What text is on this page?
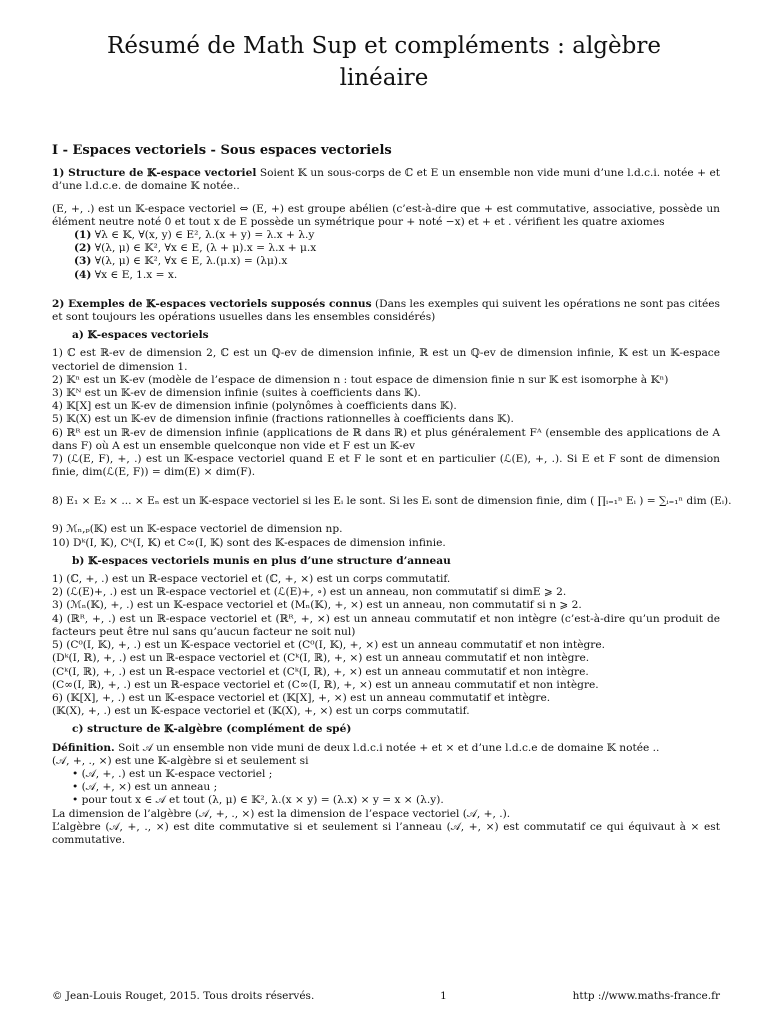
Résumé de Math Sup et compléments : algèbre
linéaire
I - Espaces vectoriels - Sous espaces vectoriels

1) Structure de 𝕂-espace vectoriel Soient 𝕂 un sous-corps de ℂ et E un ensemble non vide muni d’une l.d.c.i. notée + et d’une l.d.c.e. de domaine 𝕂 notée..

(E, +, .) est un 𝕂-espace vectoriel ⇔ (E, +) est groupe abélien (c’est-à-dire que + est commutative, associative, possède un élément neutre noté 0 et tout x de E possède un symétrique pour + noté −x) et + et . vérifient les quatre axiomes

(1) ∀λ ∈ 𝕂, ∀(x, y) ∈ E², λ.(x + y) = λ.x + λ.y
(2) ∀(λ, μ) ∈ 𝕂², ∀x ∈ E, (λ + μ).x = λ.x + μ.x
(3) ∀(λ, μ) ∈ 𝕂², ∀x ∈ E, λ.(μ.x) = (λμ).x
(4) ∀x ∈ E, 1.x = x.

2) Exemples de 𝕂-espaces vectoriels supposés connus (Dans les exemples qui suivent les opérations ne sont pas citées et sont toujours les opérations usuelles dans les ensembles considérés)

a) 𝕂-espaces vectoriels

1) ℂ est ℝ-ev de dimension 2, ℂ est un ℚ-ev de dimension infinie, ℝ est un ℚ-ev de dimension infinie, 𝕂 est un 𝕂-espace vectoriel de dimension 1.

2) 𝕂ⁿ est un 𝕂-ev (modèle de l’espace de dimension n : tout espace de dimension finie n sur 𝕂 est isomorphe à 𝕂ⁿ)

3) 𝕂ᴺ est un 𝕂-ev de dimension infinie (suites à coefficients dans 𝕂).

4) 𝕂[X] est un 𝕂-ev de dimension infinie (polynômes à coefficients dans 𝕂).

5) 𝕂(X) est un 𝕂-ev de dimension infinie (fractions rationnelles à coefficients dans 𝕂).

6) ℝᴿ est un ℝ-ev de dimension infinie (applications de ℝ dans ℝ) et plus généralement Fᴬ (ensemble des applications de A dans F) où A est un ensemble quelconque non vide et F est un 𝕂-ev

7) (ℒ(E, F), +, .) est un 𝕂-espace vectoriel quand E et F le sont et en particulier (ℒ(E), +, .). Si E et F sont de dimension finie, dim(ℒ(E, F)) = dim(E) × dim(F).

8) E₁ × E₂ × ... × Eₙ est un 𝕂-espace vectoriel si les Eᵢ le sont. Si les Eᵢ sont de dimension finie, dim ( ∏ᵢ₌₁ⁿ Eᵢ ) = ∑ᵢ₌₁ⁿ dim (Eᵢ).

9) ℳₙ,ₚ(𝕂) est un 𝕂-espace vectoriel de dimension np.

10) Dᵏ(I, 𝕂), Cᵏ(I, 𝕂) et C∞(I, 𝕂) sont des 𝕂-espaces de dimension infinie.

b) 𝕂-espaces vectoriels munis en plus d’une structure d’anneau

1) (ℂ, +, .) est un ℝ-espace vectoriel et (ℂ, +, ×) est un corps commutatif.

2) (ℒ(E)+, .) est un ℝ-espace vectoriel et (ℒ(E)+, ∘) est un anneau, non commutatif si dimE ⩾ 2.

3) (ℳₙ(𝕂), +, .) est un 𝕂-espace vectoriel et (Mₙ(𝕂), +, ×) est un anneau, non commutatif si n ⩾ 2.

4) (ℝᴿ, +, .) est un ℝ-espace vectoriel et (ℝᴿ, +, ×) est un anneau commutatif et non intègre (c’est-à-dire qu’un produit de facteurs peut être nul sans qu’aucun facteur ne soit nul)

5) (C⁰(I, 𝕂), +, .) est un 𝕂-espace vectoriel et (C⁰(I, 𝕂), +, ×) est un anneau commutatif et non intègre.

(Dᵏ(I, ℝ), +, .) est un ℝ-espace vectoriel et (Cᵏ(I, ℝ), +, ×) est un anneau commutatif et non intègre.

(Cᵏ(I, ℝ), +, .) est un ℝ-espace vectoriel et (Cᵏ(I, ℝ), +, ×) est un anneau commutatif et non intègre.

(C∞(I, ℝ), +, .) est un ℝ-espace vectoriel et (C∞(I, ℝ), +, ×) est un anneau commutatif et non intègre.

6) (𝕂[X], +, .) est un 𝕂-espace vectoriel et (𝕂[X], +, ×) est un anneau commutatif et intègre.

(𝕂(X), +, .) est un 𝕂-espace vectoriel et (𝕂(X), +, ×) est un corps commutatif.

c) structure de 𝕂-algèbre (complément de spé)

Définition. Soit 𝒜 un ensemble non vide muni de deux l.d.c.i notée + et × et d’une l.d.c.e de domaine 𝕂 notée ..

(𝒜, +, ., ×) est une 𝕂-algèbre si et seulement si

• (𝒜, +, .) est un 𝕂-espace vectoriel ;
• (𝒜, +, ×) est un anneau ;
• pour tout x ∈ 𝒜 et tout (λ, μ) ∈ 𝕂², λ.(x × y) = (λ.x) × y = x × (λ.y).

La dimension de l’algèbre (𝒜, +, ., ×) est la dimension de l’espace vectoriel (𝒜, +, .).

L’algèbre (𝒜, +, ., ×) est dite commutative si et seulement si l’anneau (𝒜, +, ×) est commutatif ce qui équivaut à × est commutative.

© Jean-Louis Rouget, 2015. Tous droits réservés.	1	http ://www.maths-france.fr
